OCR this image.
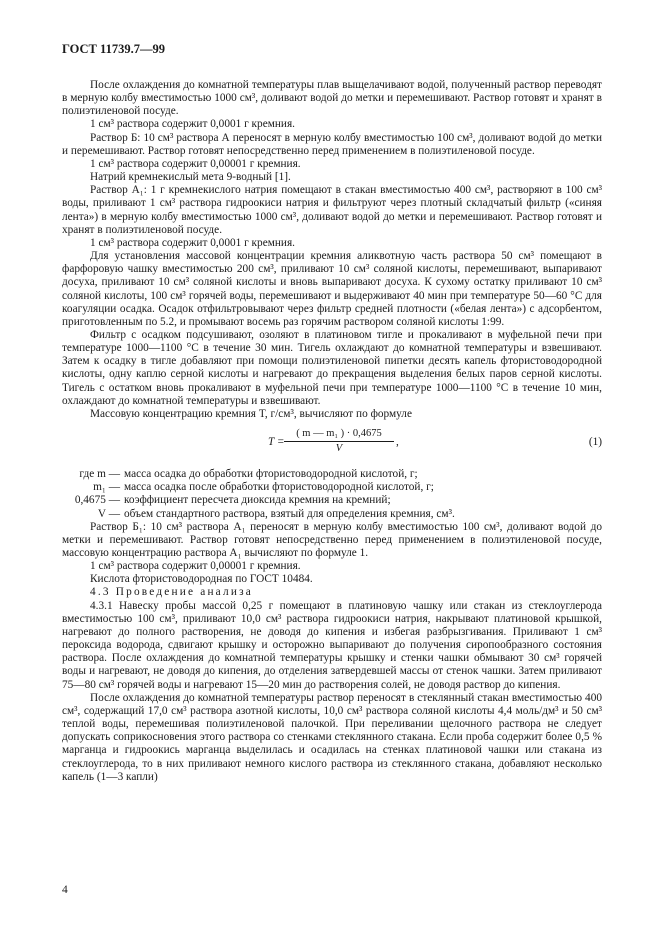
ГОСТ 11739.7—99

После охлаждения до комнатной температуры плав выщелачивают водой, полученный раствор переводят в мерную колбу вместимостью 1000 см³, доливают водой до метки и перемешивают. Раствор готовят и хранят в полиэтиленовой посуде.

1 см³ раствора содержит 0,0001 г кремния.

Раствор Б: 10 см³ раствора А переносят в мерную колбу вместимостью 100 см³, доливают водой до метки и перемешивают. Раствор готовят непосредственно перед применением в полиэтиленовой посуде.

1 см³ раствора содержит 0,00001 г кремния.

Натрий кремнекислый мета 9-водный [1].

Раствор А₁: 1 г кремнекислого натрия помещают в стакан вместимостью 400 см³, растворяют в 100 см³ воды, приливают 1 см³ раствора гидроокиси натрия и фильтруют через плотный складчатый фильтр («синяя лента») в мерную колбу вместимостью 1000 см³, доливают водой до метки и перемешивают. Раствор готовят и хранят в полиэтиленовой посуде.

1 см³ раствора содержит 0,0001 г кремния.

Для установления массовой концентрации кремния аликвотную часть раствора 50 см³ помещают в фарфоровую чашку вместимостью 200 см³, приливают 10 см³ соляной кислоты, перемешивают, выпаривают досуха, приливают 10 см³ соляной кислоты и вновь выпаривают досуха. К сухому остатку приливают 10 см³ соляной кислоты, 100 см³ горячей воды, перемешивают и выдерживают 40 мин при температуре 50—60 °С для коагуляции осадка. Осадок отфильтровывают через фильтр средней плотности («белая лента») с адсорбентом, приготовленным по 5.2, и промывают восемь раз горячим раствором соляной кислоты 1:99.

Фильтр с осадком подсушивают, озоляют в платиновом тигле и прокаливают в муфельной печи при температуре 1000—1100 °С в течение 30 мин. Тигель охлаждают до комнатной температуры и взвешивают. Затем к осадку в тигле добавляют при помощи полиэтиленовой пипетки десять капель фтористоводородной кислоты, одну каплю серной кислоты и нагревают до прекращения выделения белых паров серной кислоты. Тигель с остатком вновь прокаливают в муфельной печи при температуре 1000—1100 °С в течение 10 мин, охлаждают до комнатной температуры и взвешивают.

Массовую концентрацию кремния T, г/см³, вычисляют по формуле

$T = \frac{\text{( m — m₁ ) · 0,4675}}{V}$ ,	(1)
где m — масса осадка до обработки фтористоводородной кислотой, г;
m₁ — масса осадка после обработки фтористоводородной кислотой, г;
0,4675 — коэффициент пересчета диоксида кремния на кремний;
V — объем стандартного раствора, взятый для определения кремния, см³.

Раствор Б₁: 10 см³ раствора А₁ переносят в мерную колбу вместимостью 100 см³, доливают водой до метки и перемешивают. Раствор готовят непосредственно перед применением в полиэтиленовой посуде, массовую концентрацию раствора А₁ вычисляют по формуле 1.

1 см³ раствора содержит 0,00001 г кремния.

Кислота фтористоводородная по ГОСТ 10484.

4.3 Проведение анализа

4.3.1 Навеску пробы массой 0,25 г помещают в платиновую чашку или стакан из стеклоуглерода вместимостью 100 см³, приливают 10,0 см³ раствора гидроокиси натрия, накрывают платиновой крышкой, нагревают до полного растворения, не доводя до кипения и избегая разбрызгивания. Приливают 1 см³ пероксида водорода, сдвигают крышку и осторожно выпаривают до получения сиропообразного состояния раствора. После охлаждения до комнатной температуры крышку и стенки чашки обмывают 30 см³ горячей воды и нагревают, не доводя до кипения, до отделения затвердевшей массы от стенок чашки. Затем приливают 75—80 см³ горячей воды и нагревают 15—20 мин до растворения солей, не доводя раствор до кипения.

После охлаждения до комнатной температуры раствор переносят в стеклянный стакан вместимостью 400 см³, содержащий 17,0 см³ раствора азотной кислоты, 10,0 см³ раствора соляной кислоты 4,4 моль/дм³ и 50 см³ теплой воды, перемешивая полиэтиленовой палочкой. При переливании щелочного раствора не следует допускать соприкосновения этого раствора со стенками стеклянного стакана. Если проба содержит более 0,5 % марганца и гидроокись марганца выделилась и осадилась на стенках платиновой чашки или стакана из стеклоуглерода, то в них приливают немного кислого раствора из стеклянного стакана, добавляют несколько капель (1—3 капли)

4
